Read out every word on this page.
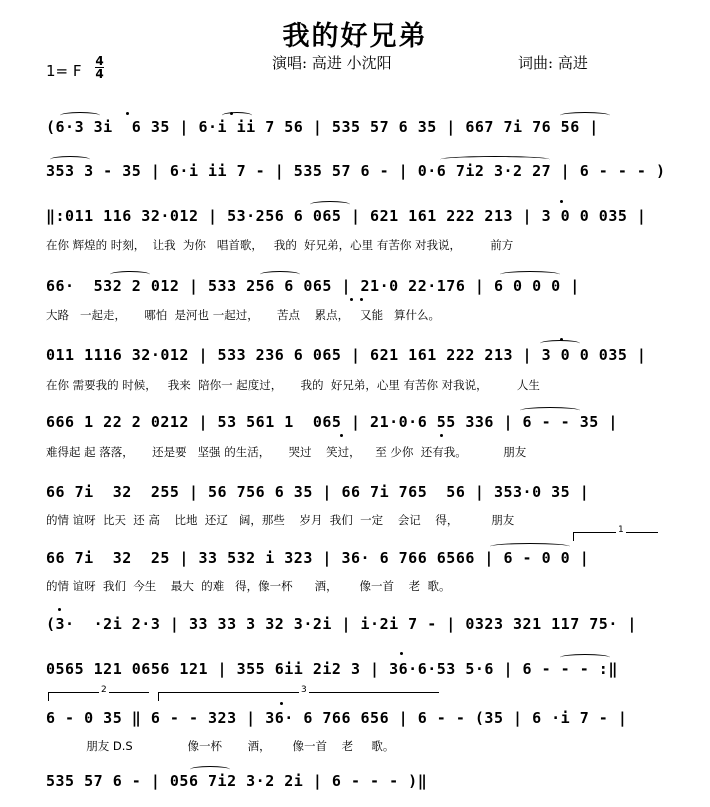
我的好兄弟
1= F
4
4
演唱: 高进 小沈阳	词曲: 高进
(6·3 3i  6 35 | 6·i ii 7 56 | 535 57 6 35 | 667 7i 76 56 |
353 3 - 35 | 6·i ii 7 - | 535 57 6 - | 0·6 7i2 3·2 27 | 6 - - - )
‖:011 116 32·012 | 53·256 6 065 | 621 161 222 213 | 3 0 0 035 |
在你 辉煌的 时刻，  让我  为你   唱首歌，   我的  好兄弟，心里 有苦你 对我说，        前方
66·  532 2 012 | 533 256 6 065 | 21·0 22·176 | 6 0 0 0 |
大路   一起走，     哪怕  是河也 一起过，     苦点    累点，   又能   算什么。
011 1116 32·012 | 533 236 6 065 | 621 161 222 213 | 3 0 0 035 |
在你 需要我的 时候，   我来  陪你一 起度过，     我的  好兄弟，心里 有苦你 对我说，        人生
666 1 22 2 0212 | 53 561 1  065 | 21·0·6 55 336 | 6 - - 35 |
难得起 起 落落，     还是要   坚强 的生活，     哭过    笑过，    至 少你  还有我。          朋友
66 7i  32  255 | 56 756 6 35 | 66 7i 765  56 | 353·0 35 |
的情 谊呀  比天  还 高    比地  还辽   阔，那些    岁月  我们  一定    会记    得，         朋友
1
66 7i  32  25 | 33 532 i 323 | 36· 6 766 6566 | 6 - 0 0 |
的情 谊呀  我们  今生    最大  的难   得，像一杯      酒，      像一首    老  歌。
(3·  ·2i 2·3 | 33 33 3 32 3·2i | i·2i 7 - | 0323 321 117 75· |
0565 121 0656 121 | 355 6ii 2i2 3 | 36·6·53 5·6 | 6 - - - :‖
2	3
6 - 0 35 ‖ 6 - - 323 | 36· 6 766 656 | 6 - - (35 | 6 ·i 7 - |
朋友 D.S               像一杯       酒，      像一首    老     歌。
535 57 6 - | 056 7i2 3·2 2i | 6 - - - )‖
